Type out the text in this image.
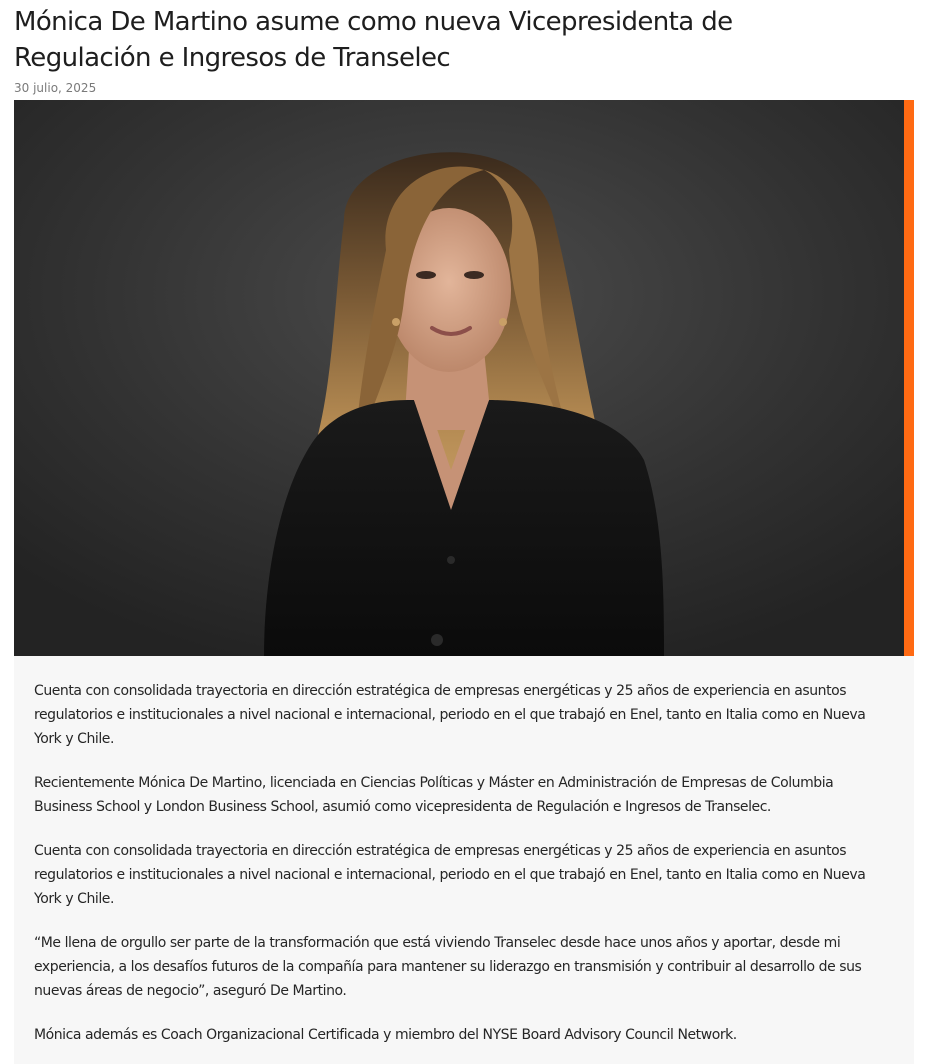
Mónica De Martino asume como nueva Vicepresidenta de Regulación e Ingresos de Transelec
30 julio, 2025

Cuenta con consolidada trayectoria en dirección estratégica de empresas energéticas y 25 años de experiencia en asuntos regulatorios e institucionales a nivel nacional e internacional, periodo en el que trabajó en Enel, tanto en Italia como en Nueva York y Chile.

Recientemente Mónica De Martino, licenciada en Ciencias Políticas y Máster en Administración de Empresas de Columbia Business School y London Business School, asumió como vicepresidenta de Regulación e Ingresos de Transelec.

Cuenta con consolidada trayectoria en dirección estratégica de empresas energéticas y 25 años de experiencia en asuntos regulatorios e institucionales a nivel nacional e internacional, periodo en el que trabajó en Enel, tanto en Italia como en Nueva York y Chile.

“Me llena de orgullo ser parte de la transformación que está viviendo Transelec desde hace unos años y aportar, desde mi experiencia, a los desafíos futuros de la compañía para mantener su liderazgo en transmisión y contribuir al desarrollo de sus nuevas áreas de negocio”, aseguró De Martino.

Mónica además es Coach Organizacional Certificada y miembro del NYSE Board Advisory Council Network.
